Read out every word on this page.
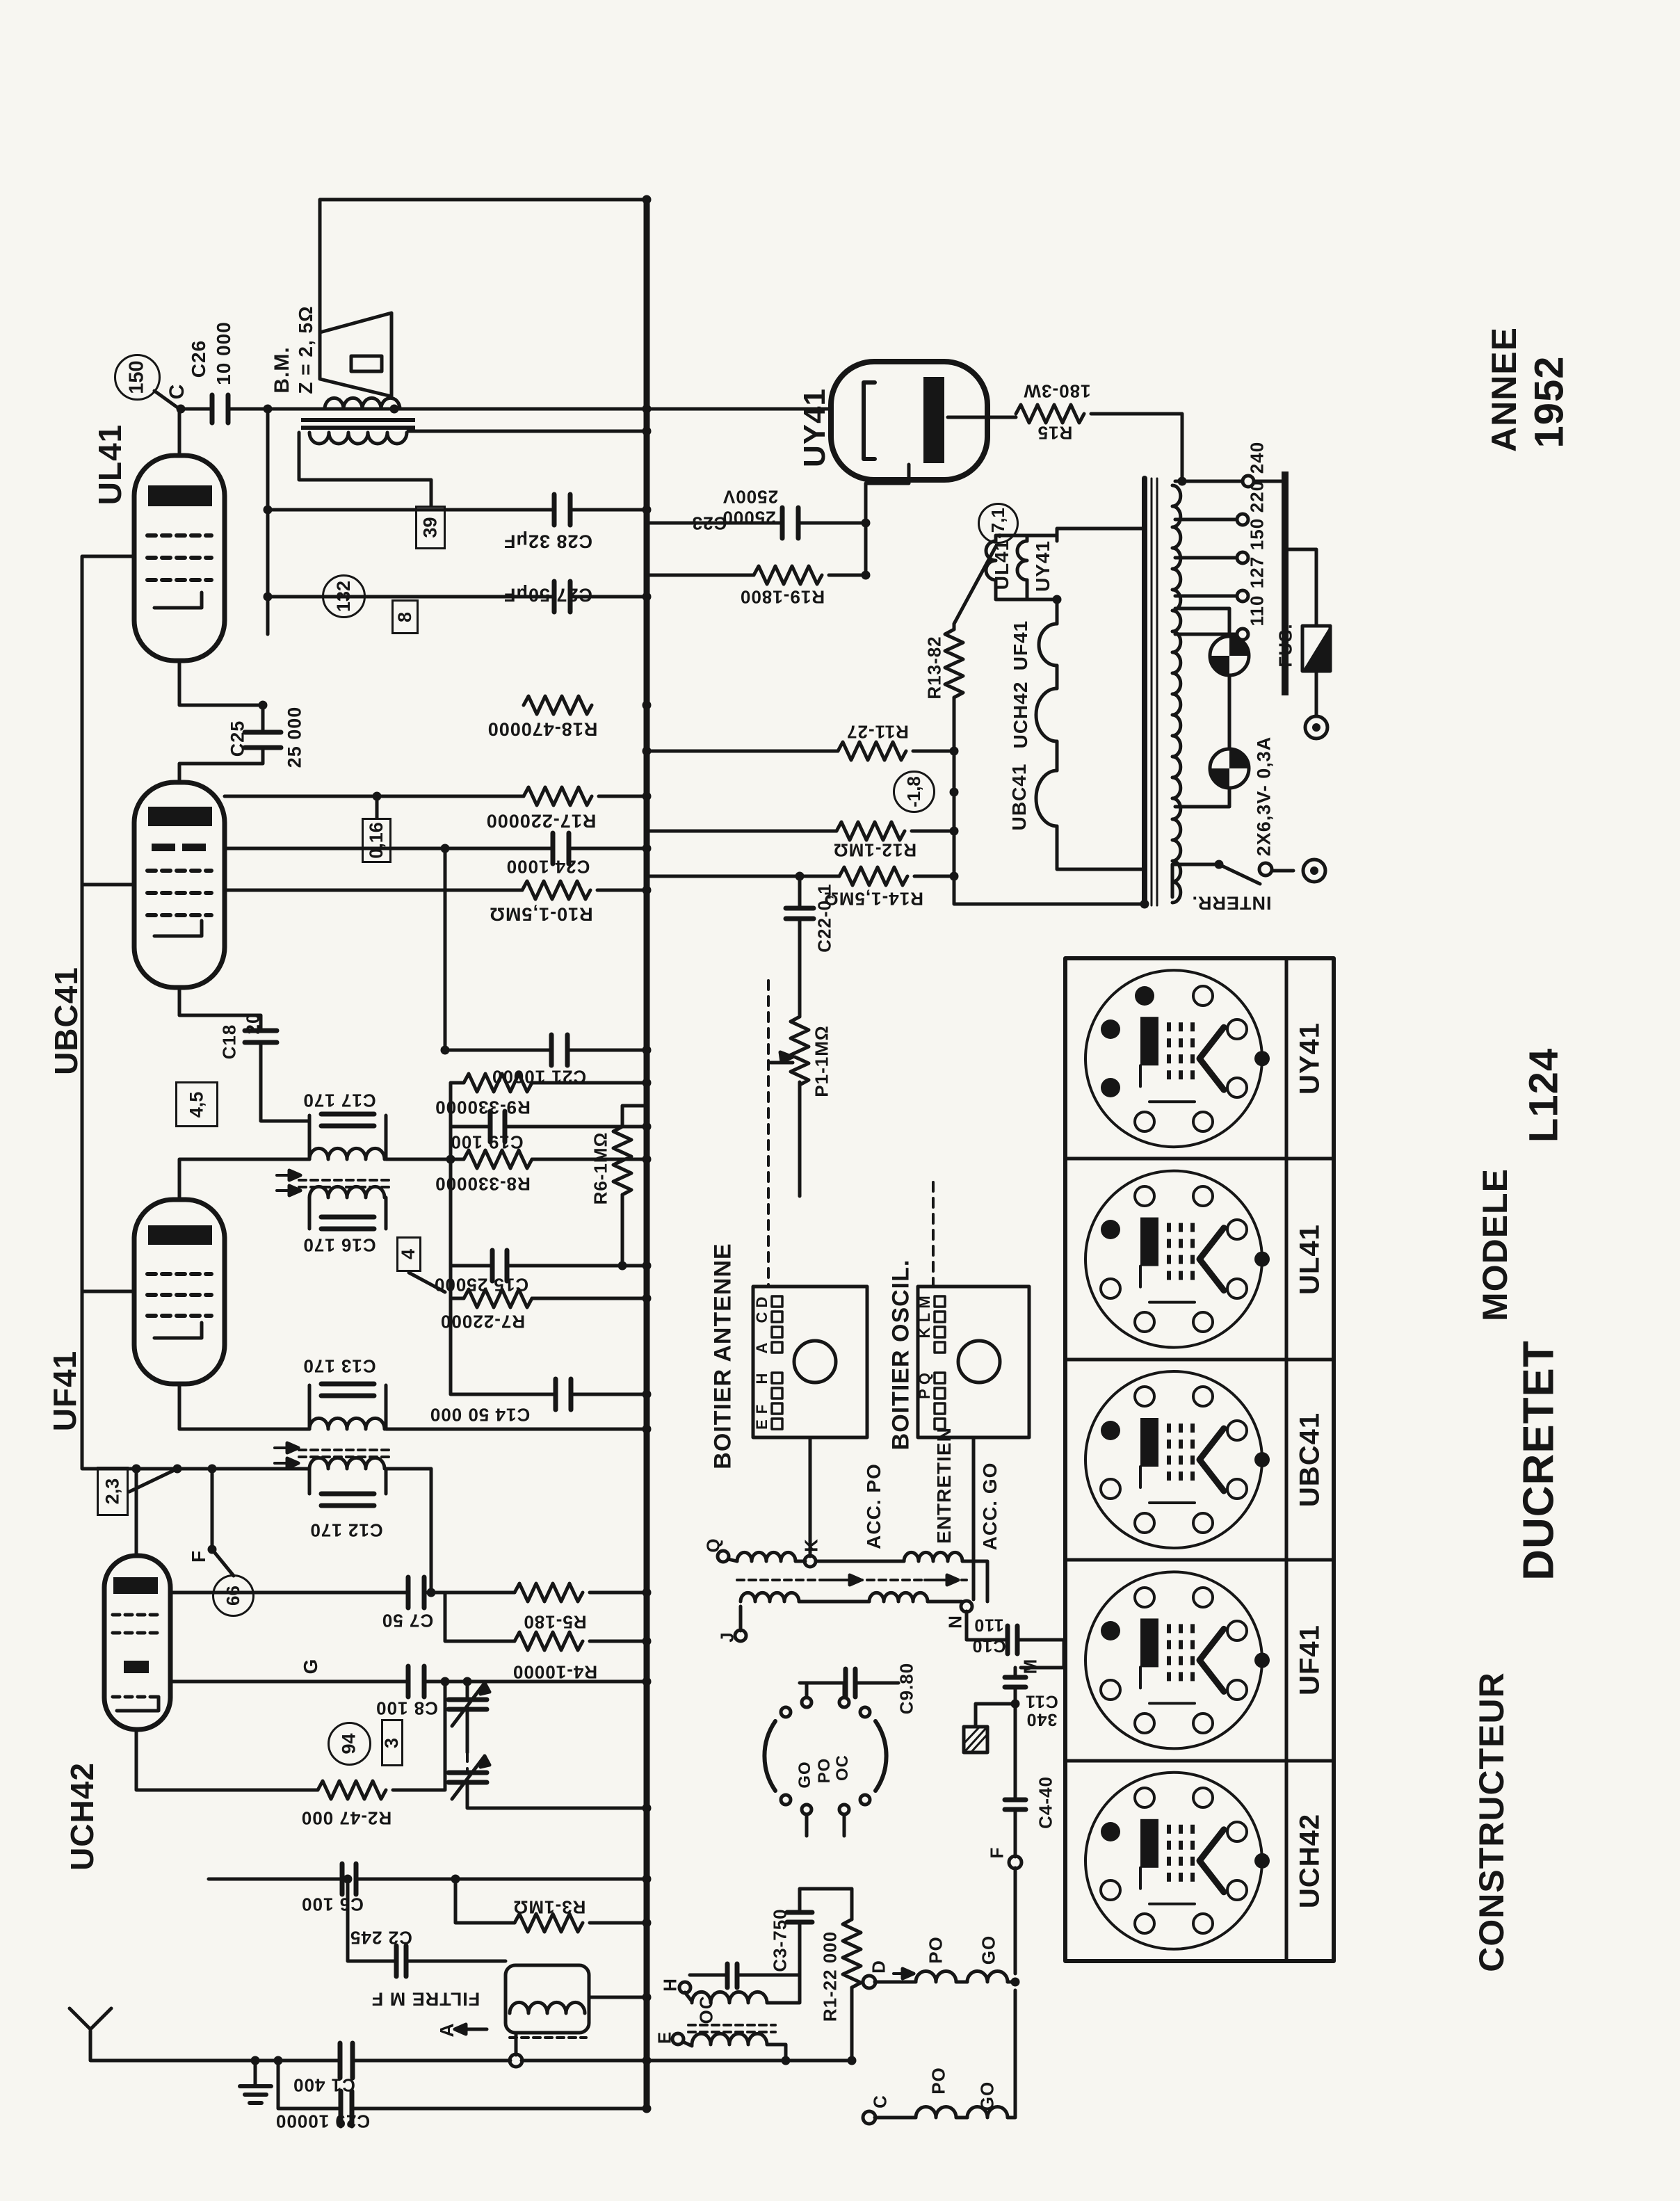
ANNEE 1952
L124
MODELE
DUCRETET
CONSTRUCTEUR
C
C26 10 000 B.M. Z = 2, 5Ω
UL41
C28 32μF
C27 50μF
UY41	180-3W
R15
2500V
25000
C23
R19-1800
C25 25 000	R18-470000
R17-220000
C24 1000
R10-1,5MΩ
UBC41
R11-27
R13-82
R12-1MΩ
R14-1,5MΩ
C22-0,1
UL41 UY41
UF41
UCH42
UBC41
240
220
150
127
110
FUS.
2X6,3V- 0,3A
INTERR.
C18
20
C21 10000	P1-1MΩ
C17 170	R9-330000
C19 100
R8-330000	R6-1MΩ
C16 170
C15 25000
R7-22000
UF41	C14 50 000
C13 170
C12 170
F
UCH42
C7 50	R5-180
R4-10000
G
C8 100
R2-47 000
C6 100	R3-1MΩ
C2 245
FILTRE M F
A
C1 400
C29 10000
E
H
OC
C3-750 R1-22 000 D
PO GO
C
PO
GO
Q	K
J
N
M
110
C10
C11
340
C9.80
GO PO OC
C4-40
F
BOITIER ANTENNE	BOITIER OSCIL.
D
C
A
H
F
E
M
L
K
Q
P
ACC. PO	ENTRETIEN ACC. GO
150
132
-7,1
-1,8
66
94
39
8
0,16
4,5
4
2,3
3
UY41
UL41
UBC41
UF41
UCH42
